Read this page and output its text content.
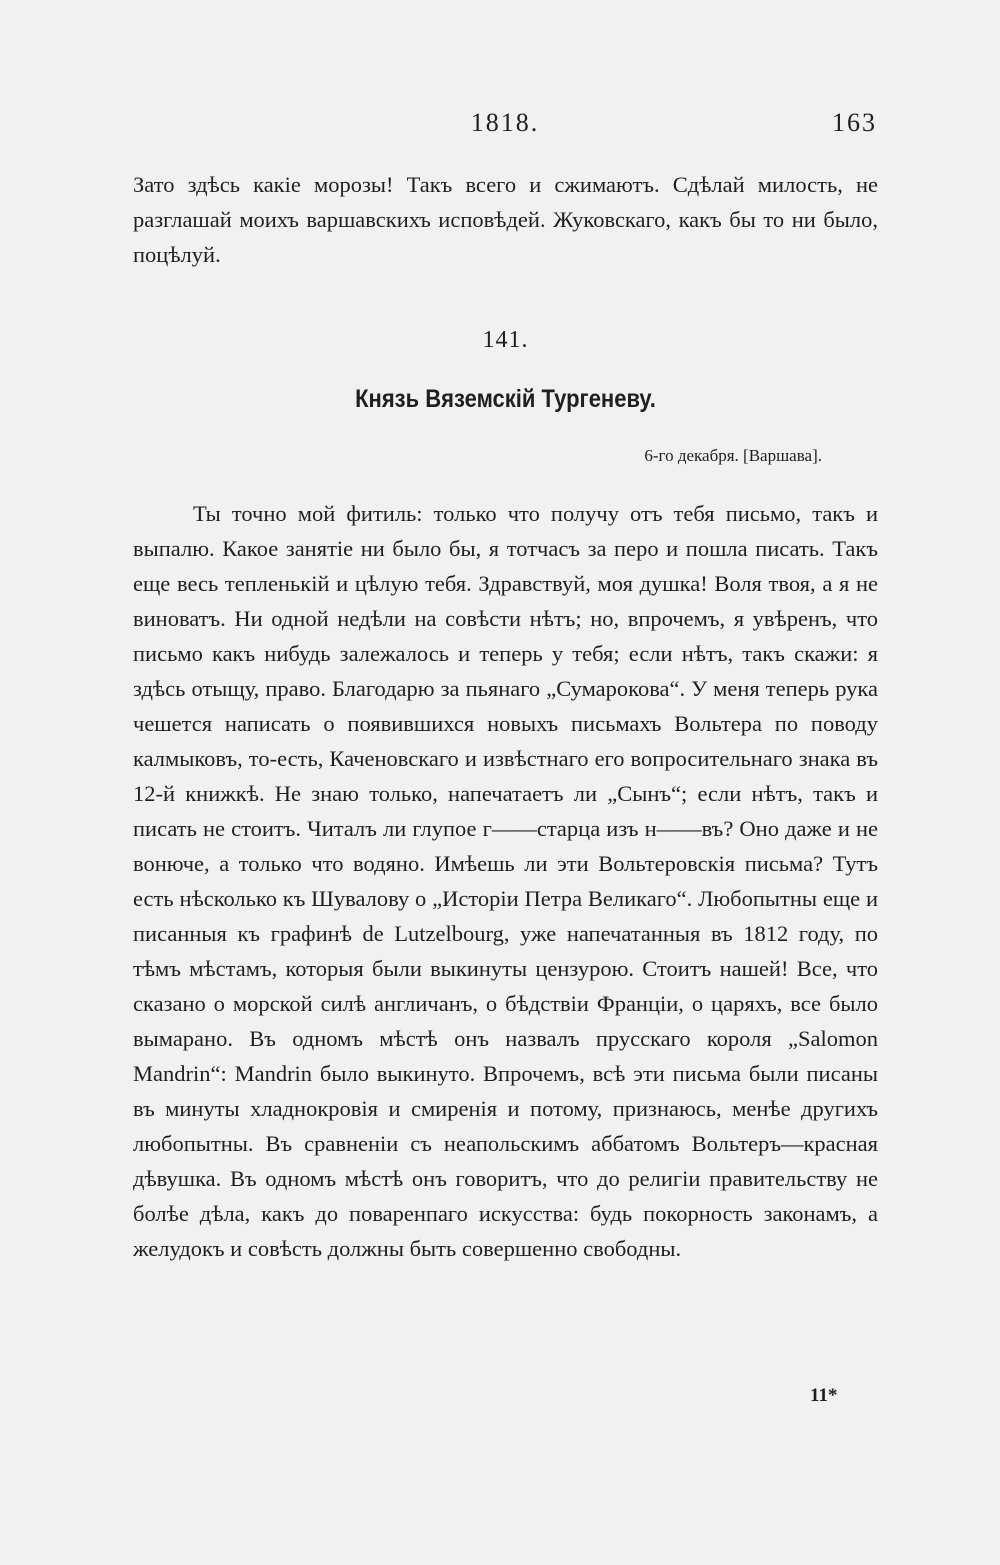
1818.	163

Зато здѣсь какіе морозы! Такъ всего и сжимаютъ. Сдѣлай милость, не разглашай моихъ варшавскихъ исповѣдей. Жуковскаго, какъ бы то ни было, поцѣлуй.

141.
Князь Вяземскій Тургеневу.
6-го декабря. [Варшава].

Ты точно мой фитиль: только что получу отъ тебя письмо, такъ и выпалю. Какое занятіе ни было бы, я тотчасъ за перо и пошла писать. Такъ еще весь тепленькій и цѣлую тебя. Здравствуй, моя душка! Воля твоя, а я не виноватъ. Ни одной недѣли на совѣсти нѣтъ; но, впрочемъ, я увѣренъ, что письмо какъ нибудь залежалось и теперь у тебя; если нѣтъ, такъ скажи: я здѣсь отыщу, право. Благодарю за пьянаго „Сумарокова“. У меня теперь рука чешется написать о появившихся новыхъ письмахъ Вольтера по поводу калмыковъ, то-есть, Каченовскаго и извѣстнаго его вопросительнаго знака въ 12-й книжкѣ. Не знаю только, напечатаетъ ли „Сынъ“; если нѣтъ, такъ и писать не стоитъ. Читалъ ли глупое г——старца изъ н——въ? Оно даже и не вонюче, а только что водяно. Имѣешь ли эти Вольтеровскія письма? Тутъ есть нѣсколько къ Шувалову о „Исторіи Петра Великаго“. Любопытны еще и писанныя къ графинѣ de Lutzelbourg, уже напечатанныя въ 1812 году, по тѣмъ мѣстамъ, которыя были выкинуты цензурою. Стоитъ нашей! Все, что сказано о морской силѣ англичанъ, о бѣдствіи Франціи, о царяхъ, все было вымарано. Въ одномъ мѣстѣ онъ назвалъ прусскаго короля „Salomon Mandrin“: Mandrin было выкинуто. Впрочемъ, всѣ эти письма были писаны въ минуты хладнокровія и смиренія и потому, признаюсь, менѣе другихъ любопытны. Въ сравненіи съ неапольскимъ аббатомъ Вольтеръ—красная дѣвушка. Въ одномъ мѣстѣ онъ говоритъ, что до религіи правительству не болѣе дѣла, какъ до поваренпаго искусства: будь покорность законамъ, а желудокъ и совѣсть должны быть совершенно свободны.

11*
